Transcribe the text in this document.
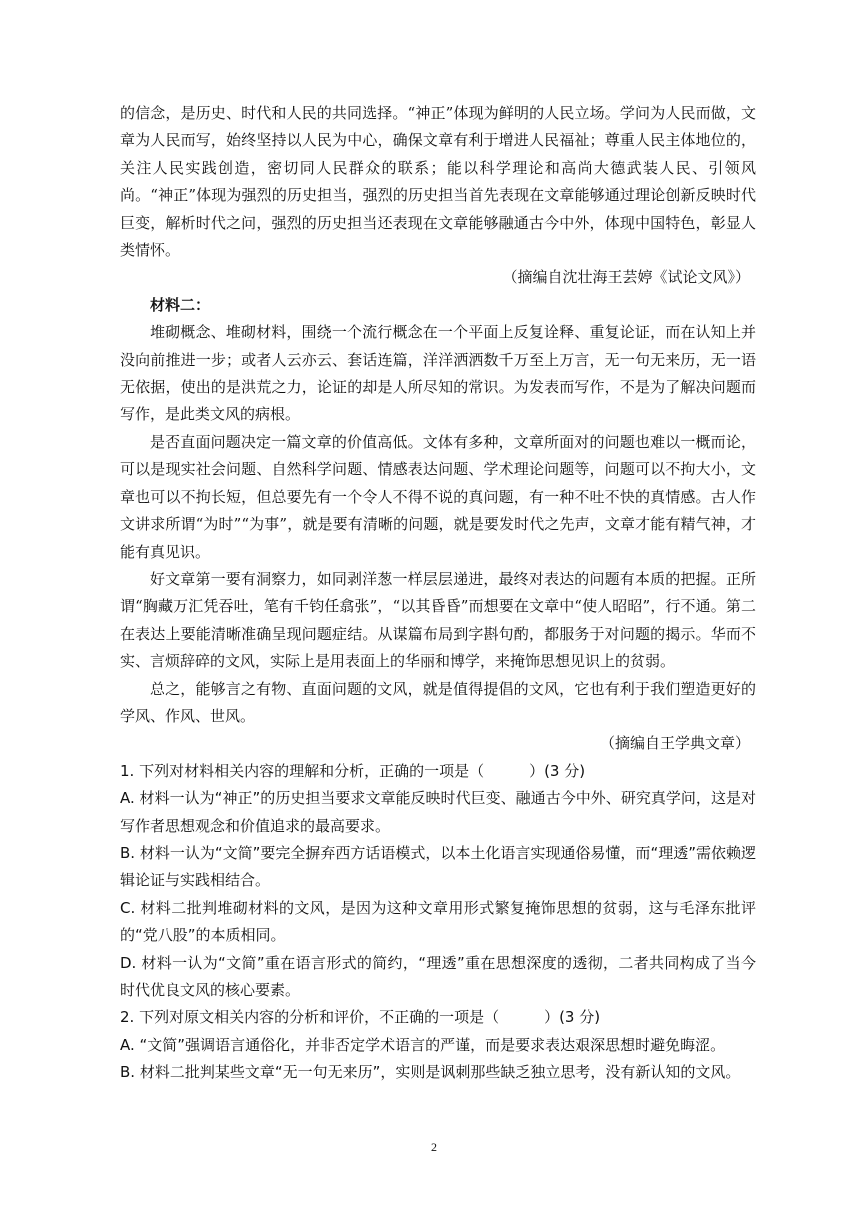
的信念，是历史、时代和人民的共同选择。“神正”体现为鲜明的人民立场。学问为人民而做，文章为人民而写，始终坚持以人民为中心，确保文章有利于增进人民福祉；尊重人民主体地位的，关注人民实践创造，密切同人民群众的联系；能以科学理论和高尚大德武装人民、引领风尚。“神正”体现为强烈的历史担当，强烈的历史担当首先表现在文章能够通过理论创新反映时代巨变，解析时代之问，强烈的历史担当还表现在文章能够融通古今中外，体现中国特色，彰显人类情怀。

（摘编自沈壮海王芸婷《试论文风》）

材料二：

堆砌概念、堆砌材料，围绕一个流行概念在一个平面上反复诠释、重复论证，而在认知上并没向前推进一步；或者人云亦云、套话连篇，洋洋洒洒数千万至上万言，无一句无来历，无一语无依据，使出的是洪荒之力，论证的却是人所尽知的常识。为发表而写作，不是为了解决问题而写作，是此类文风的病根。

是否直面问题决定一篇文章的价值高低。文体有多种，文章所面对的问题也难以一概而论，可以是现实社会问题、自然科学问题、情感表达问题、学术理论问题等，问题可以不拘大小，文章也可以不拘长短，但总要先有一个令人不得不说的真问题，有一种不吐不快的真情感。古人作文讲求所谓“为时”“为事”，就是要有清晰的问题，就是要发时代之先声，文章才能有精气神，才能有真见识。

好文章第一要有洞察力，如同剥洋葱一样层层递进，最终对表达的问题有本质的把握。正所谓“胸藏万汇凭吞吐，笔有千钧任翕张”，“以其昏昏”而想要在文章中“使人昭昭”，行不通。第二在表达上要能清晰准确呈现问题症结。从谋篇布局到字斟句酌，都服务于对问题的揭示。华而不实、言烦辞碎的文风，实际上是用表面上的华丽和博学，来掩饰思想见识上的贫弱。

总之，能够言之有物、直面问题的文风，就是值得提倡的文风，它也有利于我们塑造更好的学风、作风、世风。

（摘编自王学典文章）

1. 下列对材料相关内容的理解和分析，正确的一项是（　　　）(3 分)

A. 材料一认为“神正”的历史担当要求文章能反映时代巨变、融通古今中外、研究真学问，这是对写作者思想观念和价值追求的最高要求。

B. 材料一认为“文简”要完全摒弃西方话语模式，以本土化语言实现通俗易懂，而“理透”需依赖逻辑论证与实践相结合。

C. 材料二批判堆砌材料的文风，是因为这种文章用形式繁复掩饰思想的贫弱，这与毛泽东批评的“党八股”的本质相同。

D. 材料一认为“文简”重在语言形式的简约，“理透”重在思想深度的透彻，二者共同构成了当今时代优良文风的核心要素。

2. 下列对原文相关内容的分析和评价，不正确的一项是（　　　）(3 分)

A. “文简”强调语言通俗化，并非否定学术语言的严谨，而是要求表达艰深思想时避免晦涩。

B. 材料二批判某些文章“无一句无来历”，实则是讽刺那些缺乏独立思考，没有新认知的文风。

2
